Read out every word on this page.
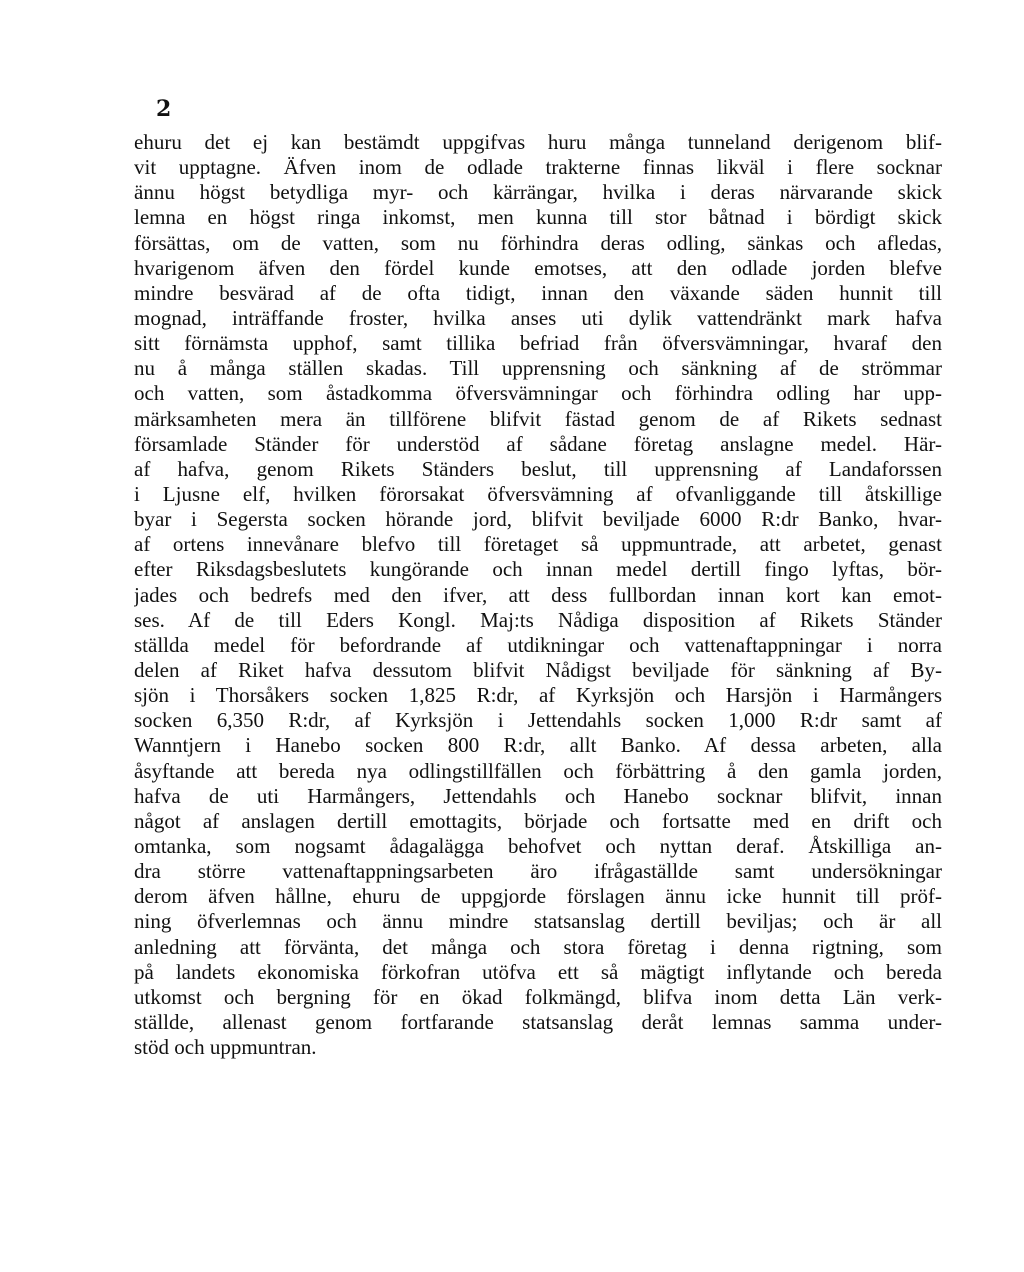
2
ehuru det ej kan bestämdt uppgifvas huru många tunneland derigenom blif-
vit upptagne. Äfven inom de odlade trakterne finnas likväl i flere socknar
ännu högst betydliga myr- och kärrängar, hvilka i deras närvarande skick
lemna en högst ringa inkomst, men kunna till stor båtnad i bördigt skick
försättas, om de vatten, som nu förhindra deras odling, sänkas och afledas,
hvarigenom äfven den fördel kunde emotses, att den odlade jorden blefve
mindre besvärad af de ofta tidigt, innan den växande säden hunnit till
mognad, inträffande froster, hvilka anses uti dylik vattendränkt mark hafva
sitt förnämsta upphof, samt tillika befriad från öfversvämningar, hvaraf den
nu å många ställen skadas. Till upprensning och sänkning af de strömmar
och vatten, som åstadkomma öfversvämningar och förhindra odling har upp-
märksamheten mera än tillförene blifvit fästad genom de af Rikets sednast
församlade Ständer för understöd af sådane företag anslagne medel. Här-
af hafva, genom Rikets Ständers beslut, till upprensning af Landaforssen
i Ljusne elf, hvilken förorsakat öfversvämning af ofvanliggande till åtskillige
byar i Segersta socken hörande jord, blifvit beviljade 6000 R:dr Banko, hvar-
af ortens innevånare blefvo till företaget så uppmuntrade, att arbetet, genast
efter Riksdagsbeslutets kungörande och innan medel dertill fingo lyftas, bör-
jades och bedrefs med den ifver, att dess fullbordan innan kort kan emot-
ses. Af de till Eders Kongl. Maj:ts Nådiga disposition af Rikets Ständer
ställda medel för befordrande af utdikningar och vattenaftappningar i norra
delen af Riket hafva dessutom blifvit Nådigst beviljade för sänkning af By-
sjön i Thorsåkers socken 1,825 R:dr, af Kyrksjön och Harsjön i Harmångers
socken 6,350 R:dr, af Kyrksjön i Jettendahls socken 1,000 R:dr samt af
Wanntjern i Hanebo socken 800 R:dr, allt Banko. Af dessa arbeten, alla
åsyftande att bereda nya odlingstillfällen och förbättring å den gamla jorden,
hafva de uti Harmångers, Jettendahls och Hanebo socknar blifvit, innan
något af anslagen dertill emottagits, började och fortsatte med en drift och
omtanka, som nogsamt ådagalägga behofvet och nyttan deraf. Åtskilliga an-
dra större vattenaftappningsarbeten äro ifrågaställde samt undersökningar
derom äfven hållne, ehuru de uppgjorde förslagen ännu icke hunnit till pröf-
ning öfverlemnas och ännu mindre statsanslag dertill beviljas; och är all
anledning att förvänta, det många och stora företag i denna rigtning, som
på landets ekonomiska förkofran utöfva ett så mägtigt inflytande och bereda
utkomst och bergning för en ökad folkmängd, blifva inom detta Län verk-
ställde, allenast genom fortfarande statsanslag deråt lemnas samma under-
stöd och uppmuntran.
